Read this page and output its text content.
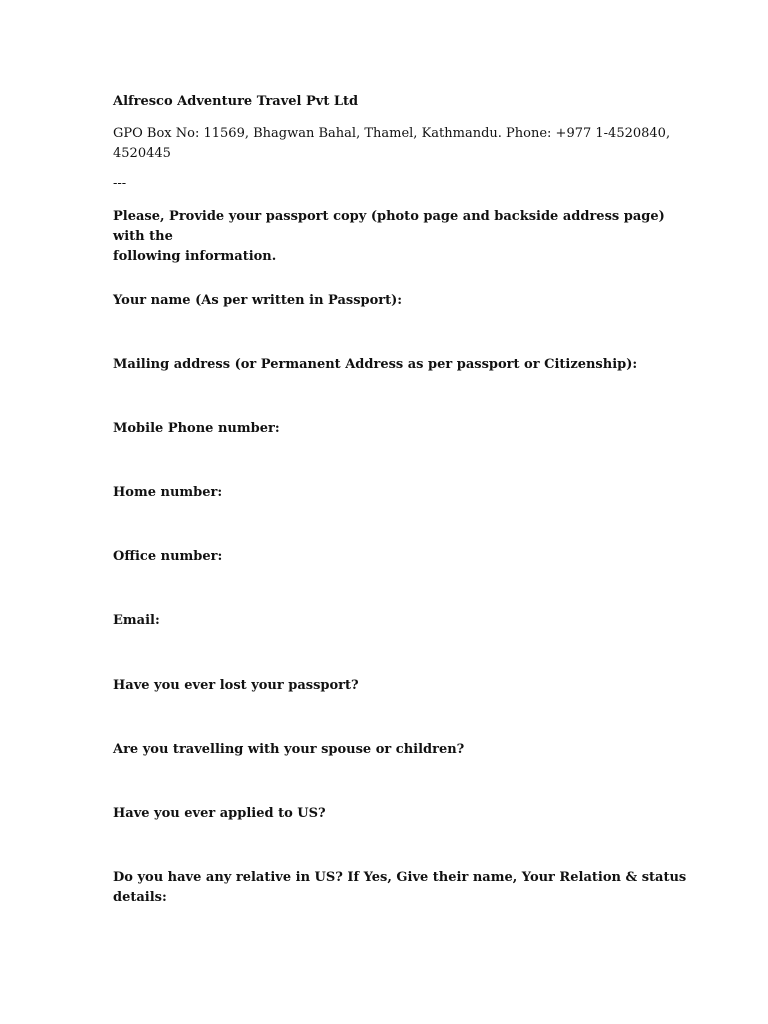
Alfresco Adventure Travel Pvt Ltd
GPO Box No: 11569, Bhagwan Bahal, Thamel, Kathmandu. Phone: +977 1-4520840,
4520445
---
Please, Provide your passport copy (photo page and backside address page) with the
following information.
Your name (As per written in Passport):
Mailing address (or Permanent Address as per passport or Citizenship):
Mobile Phone number:
Home number:
Office number:
Email:
Have you ever lost your passport?
Are you travelling with your spouse or children?
Have you ever applied to US?
Do you have any relative in US? If Yes, Give their name, Your Relation & status details:
